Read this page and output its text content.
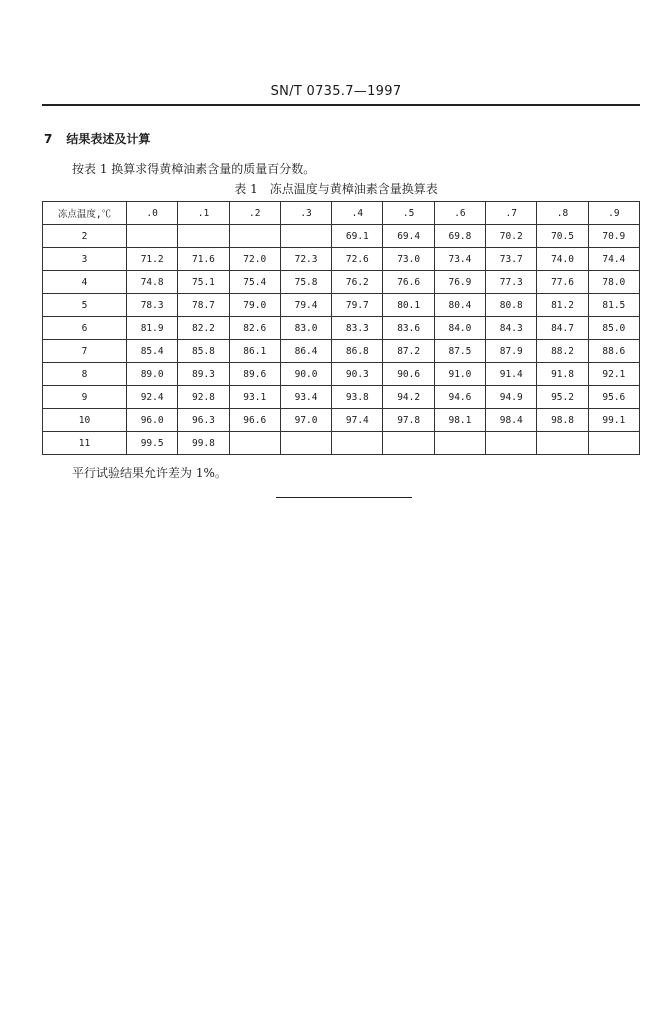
SN/T 0735.7—1997
7 结果表述及计算
按表 1 换算求得黄樟油素含量的质量百分数。
表 1　冻点温度与黄樟油素含量换算表
冻点温度,℃	.0	.1	.2	.3	.4	.5	.6	.7	.8	.9
2					69.1	69.4	69.8	70.2	70.5	70.9
3	71.2	71.6	72.0	72.3	72.6	73.0	73.4	73.7	74.0	74.4
4	74.8	75.1	75.4	75.8	76.2	76.6	76.9	77.3	77.6	78.0
5	78.3	78.7	79.0	79.4	79.7	80.1	80.4	80.8	81.2	81.5
6	81.9	82.2	82.6	83.0	83.3	83.6	84.0	84.3	84.7	85.0
7	85.4	85.8	86.1	86.4	86.8	87.2	87.5	87.9	88.2	88.6
8	89.0	89.3	89.6	90.0	90.3	90.6	91.0	91.4	91.8	92.1
9	92.4	92.8	93.1	93.4	93.8	94.2	94.6	94.9	95.2	95.6
10	96.0	96.3	96.6	97.0	97.4	97.8	98.1	98.4	98.8	99.1
11	99.5	99.8								
平行试验结果允许差为 1%。
